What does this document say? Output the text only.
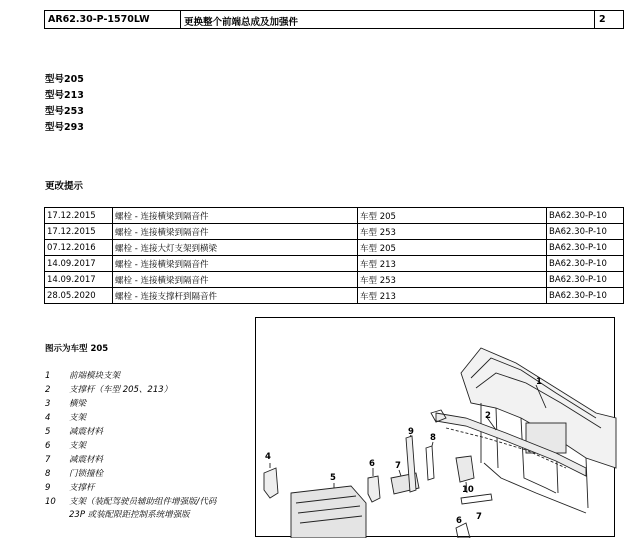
AR62.30-P-1570LW	更换整个前端总成及加强件	2
型号205
型号213
型号253
型号293
更改提示
17.12.2015	螺栓 - 连接横梁到隔音件	车型 205	BA62.30-P-10
17.12.2015	螺栓 - 连接横梁到隔音件	车型 253	BA62.30-P-10
07.12.2016	螺栓 - 连接大灯支架到横梁	车型 205	BA62.30-P-10
14.09.2017	螺栓 - 连接横梁到隔音件	车型 213	BA62.30-P-10
14.09.2017	螺栓 - 连接横梁到隔音件	车型 253	BA62.30-P-10
28.05.2020	螺栓 - 连接支撑杆到隔音件	车型 213	BA62.30-P-10
图示为车型 205
1	前端模块支架
2	支撑杆（车型 205、213）
3	横梁
4	支架
5	减震材料
6	支架
7	减震材料
8	门锁撞栓
9	支撑杆
10	支架（装配驾驶员辅助组件增强版/代码
23P 或装配限距控制系统增强版
1
2
4
5
6 7
8
9
10
6 7
